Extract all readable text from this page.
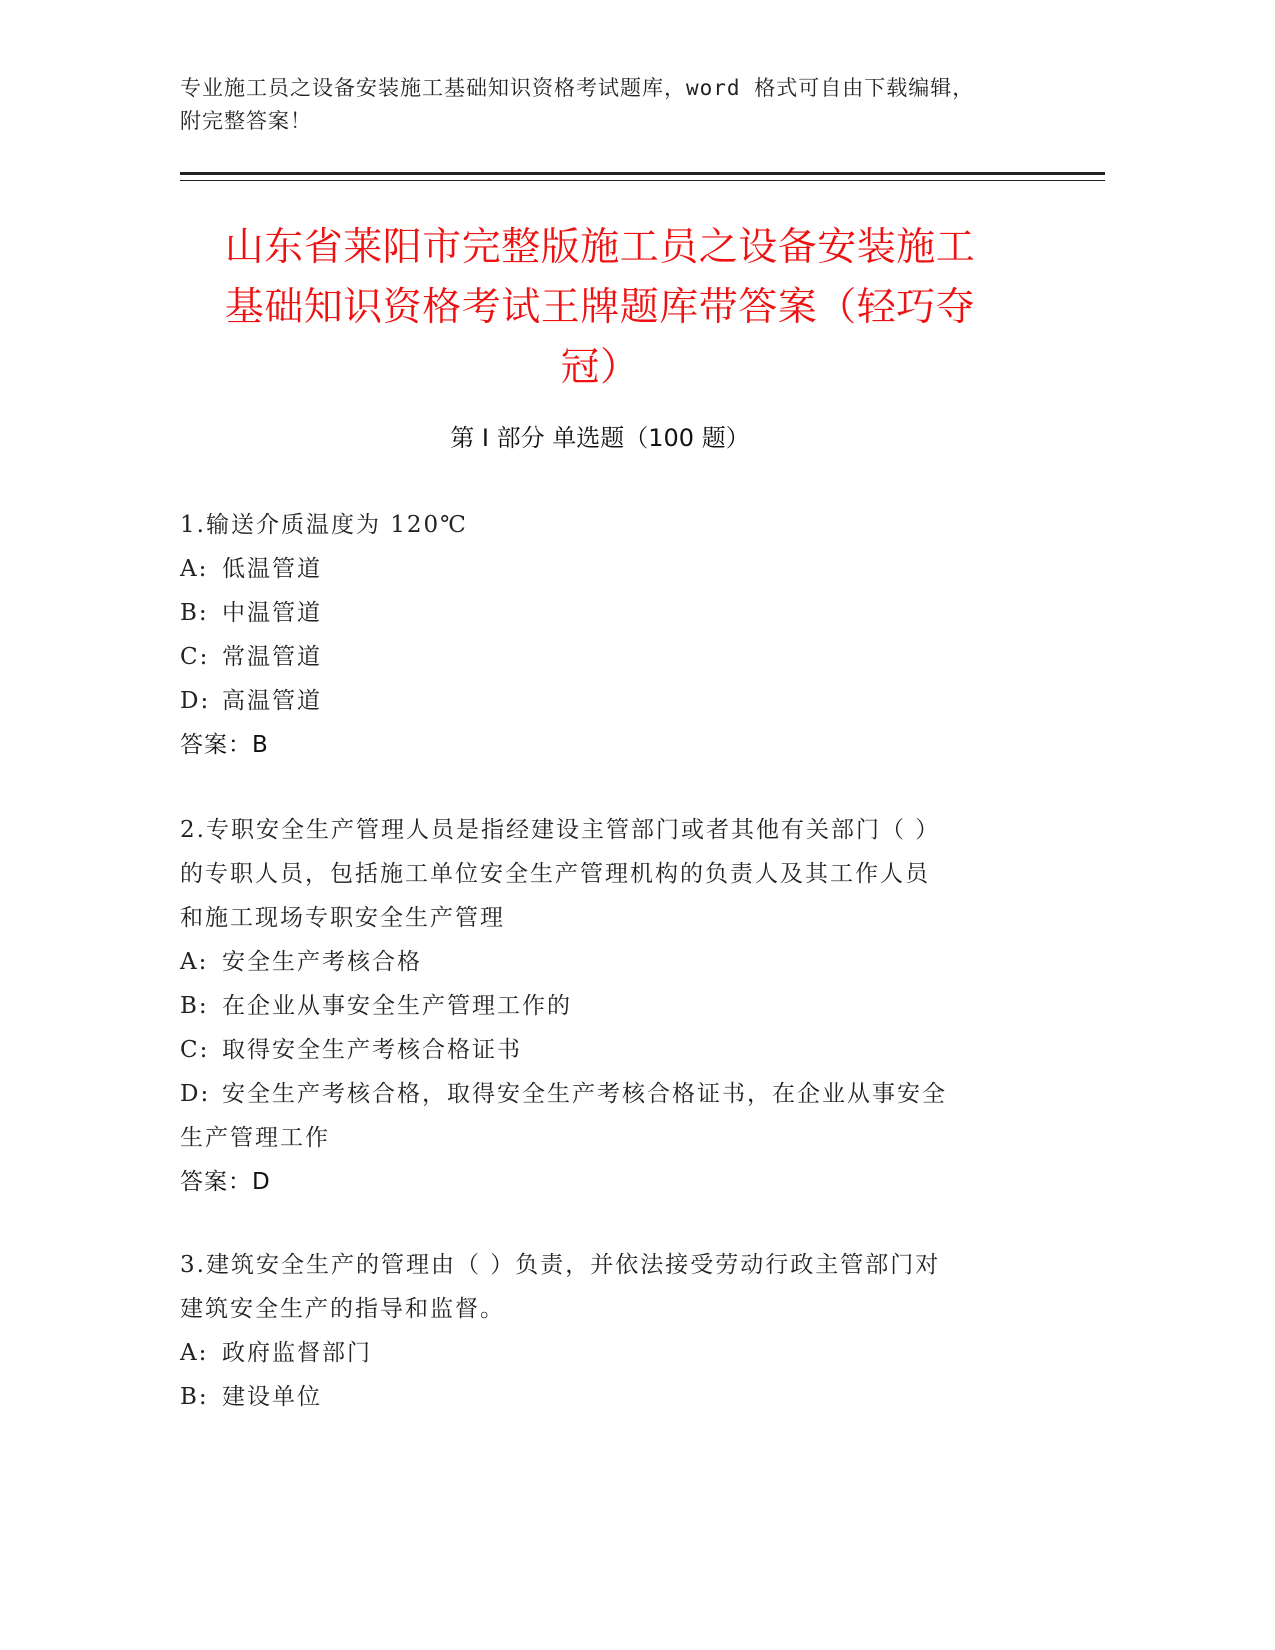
专业施工员之设备安装施工基础知识资格考试题库，word 格式可自由下载编辑，
附完整答案！
山东省莱阳市完整版施工员之设备安装施工
基础知识资格考试王牌题库带答案（轻巧夺
冠）
第 I 部分 单选题（100 题）
1.输送介质温度为 120℃
A: 低温管道
B: 中温管道
C: 常温管道
D: 高温管道
答案：B
2.专职安全生产管理人员是指经建设主管部门或者其他有关部门（ ）
的专职人员，包括施工单位安全生产管理机构的负责人及其工作人员
和施工现场专职安全生产管理
A: 安全生产考核合格
B: 在企业从事安全生产管理工作的
C: 取得安全生产考核合格证书
D: 安全生产考核合格，取得安全生产考核合格证书，在企业从事安全
生产管理工作
答案：D
3.建筑安全生产的管理由（ ）负责，并依法接受劳动行政主管部门对
建筑安全生产的指导和监督。
A: 政府监督部门
B: 建设单位
